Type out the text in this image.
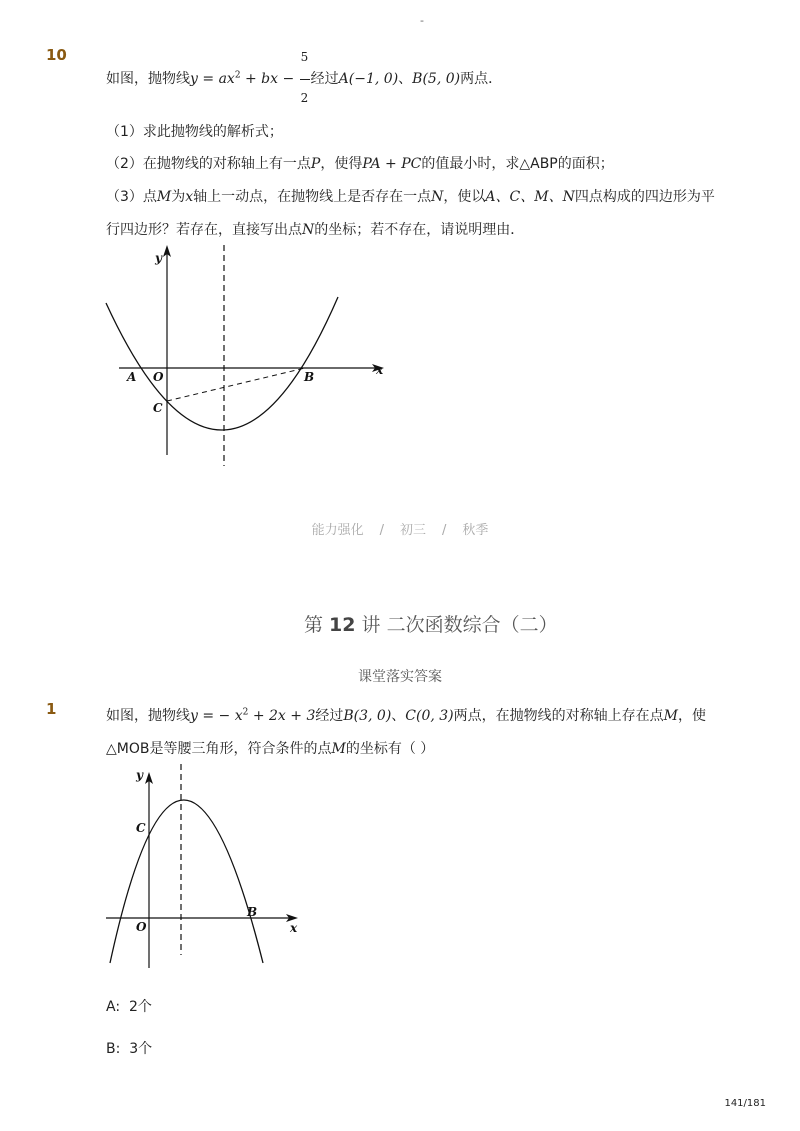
-
10
如图，抛物线$y = ax^2$ + bx − $\frac{5}{2}$ 经过A(−1, 0)、B(5, 0)两点．
（1）求此抛物线的解析式；
（2）在抛物线的对称轴上有一点P，使得PA + PC的值最小时，求△ABP的面积；
（3）点M为x轴上一动点，在抛物线上是否存在一点N，使以A、C、M、N四点构成的四边形为平
行四边形？若存在，直接写出点N的坐标；若不存在，请说明理由．
y
x
A O	B
C
能力强化 / 初三 / 秋季
第 12 讲 二次函数综合（二）
课堂落实答案
1	如图，抛物线y = − $x^2 + 2x + 3$经过B(3, 0)、C(0, 3)两点，在抛物线的对称轴上存在点M，使
△MOB是等腰三角形，符合条件的点M的坐标有（ ）
y
x
C
O
B
A: 2个
B: 3个
141/181
